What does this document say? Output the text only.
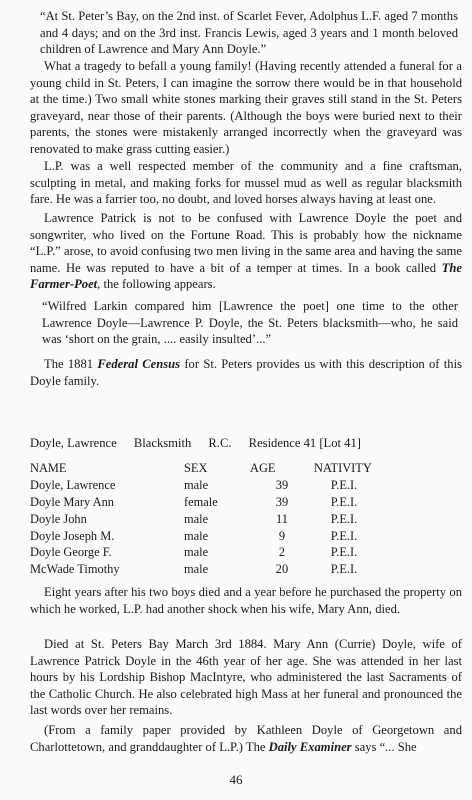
“At St. Peter’s Bay, on the 2nd inst. of Scarlet Fever, Adolphus L.F. aged 7 months and 4 days; and on the 3rd inst. Francis Lewis, aged 3 years and 1 month beloved children of Lawrence and Mary Ann Doyle.”

What a tragedy to befall a young family! (Having recently attended a funeral for a young child in St. Peters, I can imagine the sorrow there would be in that household at the time.) Two small white stones marking their graves still stand in the St. Peters graveyard, near those of their parents. (Although the boys were buried next to their parents, the stones were mistakenly arranged incorrectly when the graveyard was renovated to make grass cutting easier.)

L.P. was a well respected member of the community and a fine craftsman, sculpting in metal, and making forks for mussel mud as well as regular blacksmith fare. He was a farrier too, no doubt, and loved horses always having at least one.

Lawrence Patrick is not to be confused with Lawrence Doyle the poet and songwriter, who lived on the Fortune Road. This is probably how the nickname “L.P.” arose, to avoid confusing two men living in the same area and having the same name. He was reputed to have a bit of a temper at times. In a book called The Farmer-Poet, the following appears.

“Wilfred Larkin compared him [Lawrence the poet] one time to the other Lawrence Doyle—Lawrence P. Doyle, the St. Peters blacksmith—who, he said was ‘short on the grain, .... easily insulted’...”

The 1881 Federal Census for St. Peters provides us with this description of this Doyle family.

Doyle, Lawrence Blacksmith R.C. Residence 41 [Lot 41]
NAME	SEX	AGE	NATIVITY
Doyle, Lawrence	male	39	P.E.I.
Doyle Mary Ann	female	39	P.E.I.
Doyle John	male	11	P.E.I.
Doyle Joseph M.	male	9	P.E.I.
Doyle George F.	male	2	P.E.I.
McWade Timothy	male	20	P.E.I.

Eight years after his two boys died and a year before he purchased the property on which he worked, L.P. had another shock when his wife, Mary Ann, died.

Died at St. Peters Bay March 3rd 1884. Mary Ann (Currie) Doyle, wife of Lawrence Patrick Doyle in the 46th year of her age. She was attended in her last hours by his Lordship Bishop MacIntyre, who administered the last Sacraments of the Catholic Church. He also celebrated high Mass at her funeral and pronounced the last words over her remains.

(From a family paper provided by Kathleen Doyle of Georgetown and Charlottetown, and granddaughter of L.P.) The Daily Examiner says “... She

46
